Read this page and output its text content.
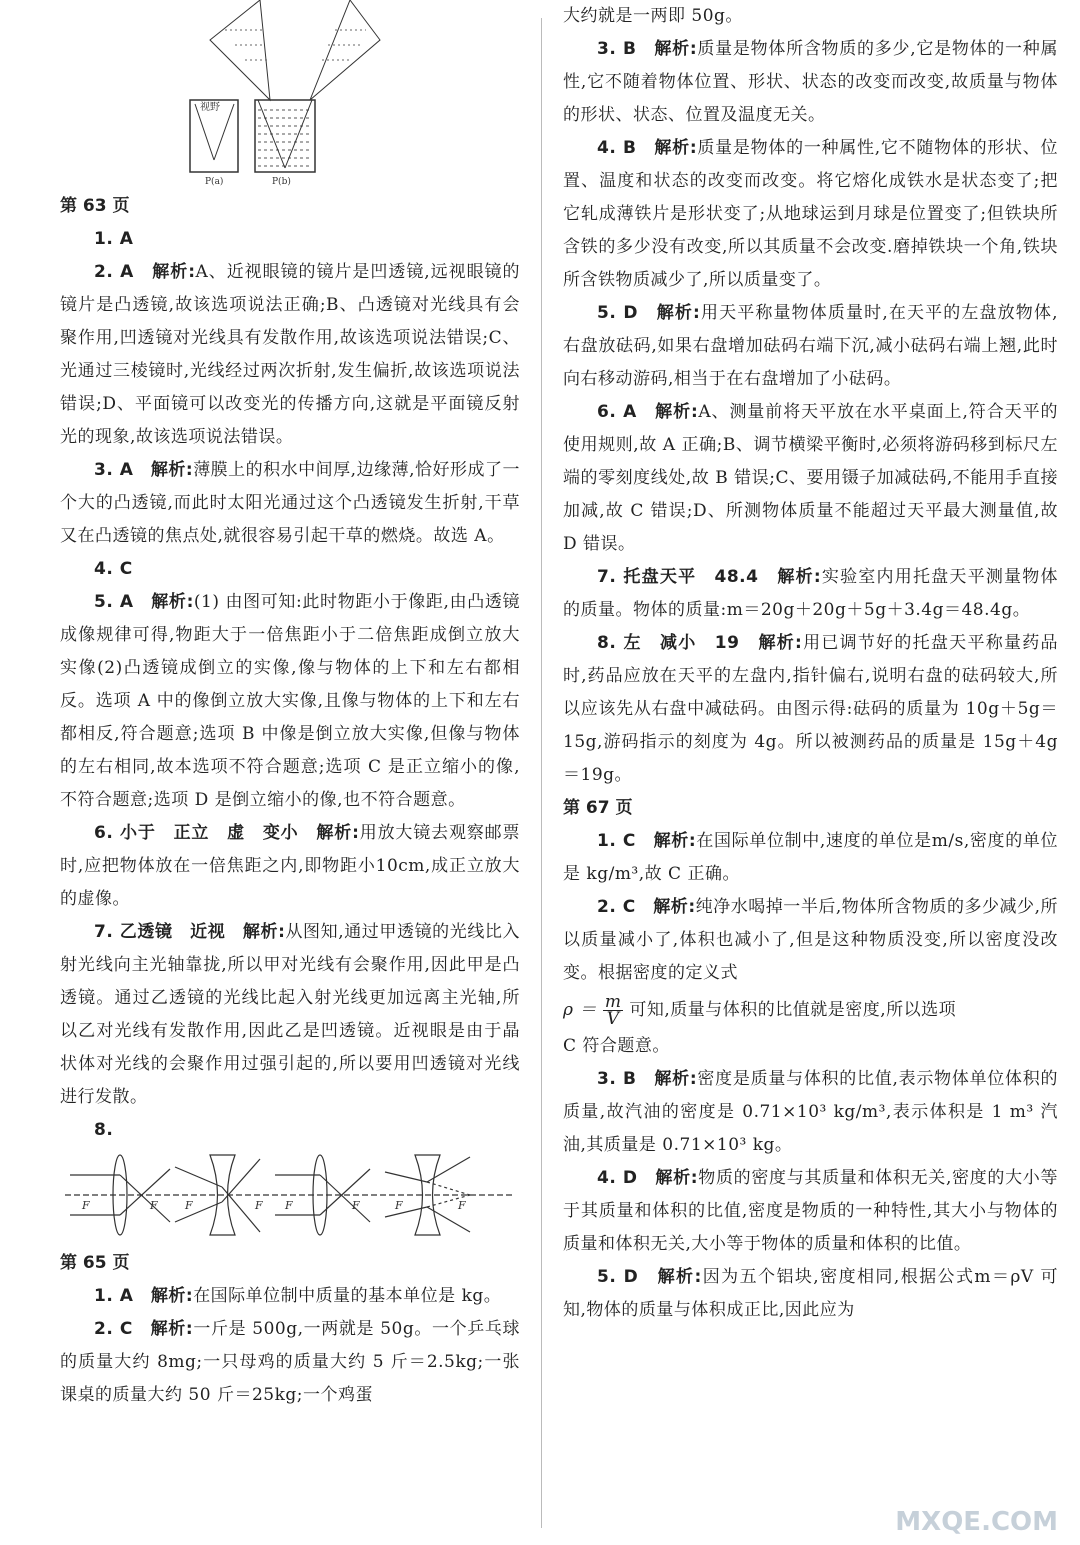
视野
P(a)	P(b)

第 63 页

1. A

2. A　 解析:A、近视眼镜的镜片是凹透镜,远视眼镜的镜片是凸透镜,故该选项说法正确;B、凸透镜对光线具有会聚作用,凹透镜对光线具有发散作用,故该选项说法错误;C、光通过三棱镜时,光线经过两次折射,发生偏折,故该选项说法错误;D、平面镜可以改变光的传播方向,这就是平面镜反射光的现象,故该选项说法错误。

3. A　 解析:薄膜上的积水中间厚,边缘薄,恰好形成了一个大的凸透镜,而此时太阳光通过这个凸透镜发生折射,干草又在凸透镜的焦点处,就很容易引起干草的燃烧。故选 A。

4. C

5. A　 解析:(1) 由图可知:此时物距小于像距,由凸透镜成像规律可得,物距大于一倍焦距小于二倍焦距成倒立放大实像(2)凸透镜成倒立的实像,像与物体的上下和左右都相反。选项 A 中的像倒立放大实像,且像与物体的上下和左右都相反,符合题意;选项 B 中像是倒立放大实像,但像与物体的左右相同,故本选项不符合题意;选项 C 是正立缩小的像,不符合题意;选项 D 是倒立缩小的像,也不符合题意。

6. 小于　正立　虚　变小　 解析:用放大镜去观察邮票时,应把物体放在一倍焦距之内,即物距小10cm,成正立放大的虚像。

7. 乙透镜　近视　 解析:从图知,通过甲透镜的光线比入射光线向主光轴靠拢,所以甲对光线有会聚作用,因此甲是凸透镜。通过乙透镜的光线比起入射光线更加远离主光轴,所以乙对光线有发散作用,因此乙是凹透镜。近视眼是由于晶状体对光线的会聚作用过强引起的,所以要用凹透镜对光线进行发散。

8.

F	F F	F F	F	F	F

第 65 页

1. A　 解析:在国际单位制中质量的基本单位是 kg。

2. C　 解析:一斤是 500g,一两就是 50g。一个乒乓球的质量大约 8mg;一只母鸡的质量大约 5 斤＝2.5kg;一张课桌的质量大约 50 斤＝25kg;一个鸡蛋

大约就是一两即 50g。

3. B　 解析:质量是物体所含物质的多少,它是物体的一种属性,它不随着物体位置、形状、状态的改变而改变,故质量与物体的形状、状态、位置及温度无关。

4. B　 解析:质量是物体的一种属性,它不随物体的形状、位置、温度和状态的改变而改变。将它熔化成铁水是状态变了;把它轧成薄铁片是形状变了;从地球运到月球是位置变了;但铁块所含铁的多少没有改变,所以其质量不会改变.磨掉铁块一个角,铁块所含铁物质减少了,所以质量变了。

5. D　 解析:用天平称量物体质量时,在天平的左盘放物体,右盘放砝码,如果右盘增加砝码右端下沉,减小砝码右端上翘,此时向右移动游码,相当于在右盘增加了小砝码。

6. A　 解析:A、测量前将天平放在水平桌面上,符合天平的使用规则,故 A 正确;B、调节横梁平衡时,必须将游码移到标尺左端的零刻度线处,故 B 错误;C、要用镊子加减砝码,不能用手直接加减,故 C 错误;D、所测物体质量不能超过天平最大测量值,故 D 错误。

7. 托盘天平　48.4　 解析:实验室内用托盘天平测量物体的质量。物体的质量:m＝20g＋20g＋5g＋3.4g＝48.4g。

8. 左　减小　19　 解析:用已调节好的托盘天平称量药品时,药品应放在天平的左盘内,指针偏右,说明右盘的砝码较大,所以应该先从右盘中减砝码。由图示得:砝码的质量为 10g＋5g＝15g,游码指示的刻度为 4g。所以被测药品的质量是 15g＋4g＝19g。

第 67 页

1. C　 解析:在国际单位制中,速度的单位是m/s,密度的单位是 kg/m³,故 C 正确。

2. C　 解析:纯净水喝掉一半后,物体所含物质的多少减少,所以质量减小了,体积也减小了,但是这种物质没变,所以密度没改变。根据密度的定义式

$\rho = \frac{m}{V}$ 可知,质量与体积的比值就是密度,所以选项

C 符合题意。

3. B　 解析:密度是质量与体积的比值,表示物体单位体积的质量,故汽油的密度是 0.71×10³ kg/m³,表示体积是 1 m³ 汽油,其质量是 0.71×10³ kg。

4. D　 解析:物质的密度与其质量和体积无关,密度的大小等于其质量和体积的比值,密度是物质的一种特性,其大小与物体的质量和体积无关,大小等于物体的质量和体积的比值。

5. D　 解析:因为五个铝块,密度相同,根据公式m＝ρV 可知,物体的质量与体积成正比,因此应为

MXQE.COM
